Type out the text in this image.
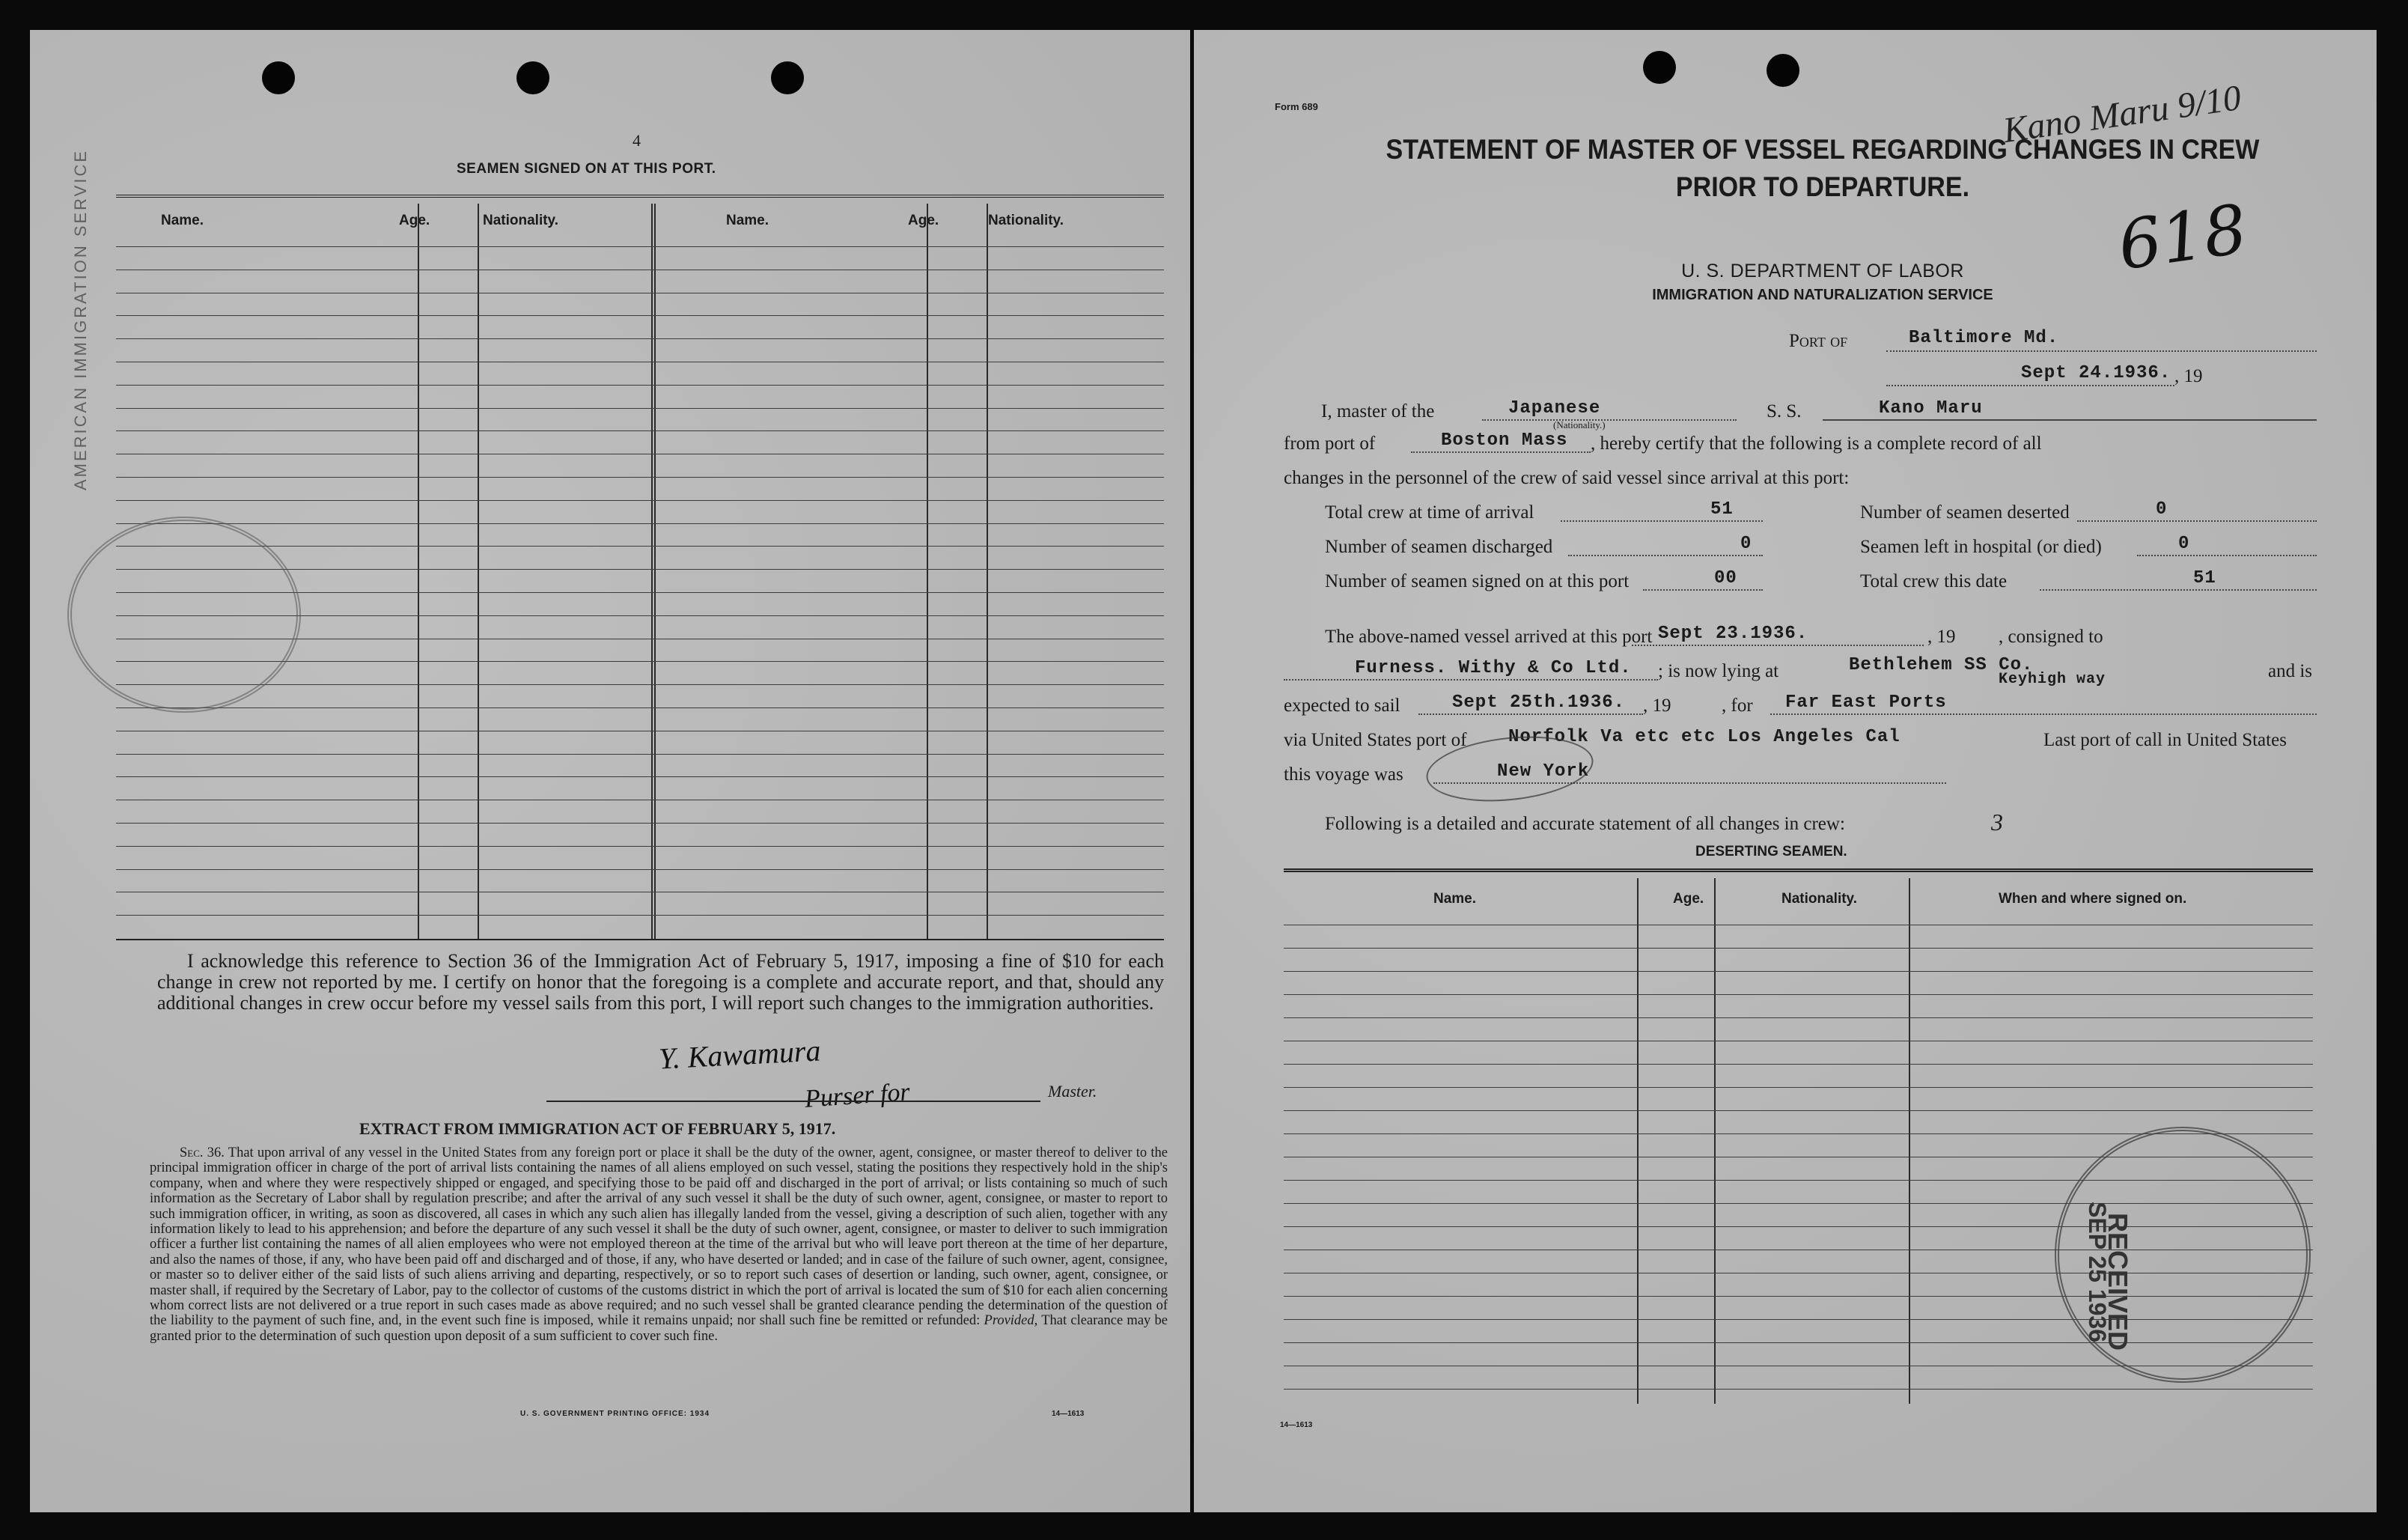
4
SEAMEN SIGNED ON AT THIS PORT.
Name.	Age.	Nationality.	Name.	Age.	Nationality.
AMERICAN IMMIGRATION SERVICE
I acknowledge this reference to Section 36 of the Immigration Act of February 5, 1917, imposing a fine of $10 for each change in crew not reported by me. I certify on honor that the foregoing is a complete and accurate report, and that, should any additional changes in crew occur before my vessel sails from this port, I will report such changes to the immigration authorities.
Y. Kawamura
Purser for	Master.
EXTRACT FROM IMMIGRATION ACT OF FEBRUARY 5, 1917.
Sec. 36. That upon arrival of any vessel in the United States from any foreign port or place it shall be the duty of the owner, agent, consignee, or master thereof to deliver to the principal immigration officer in charge of the port of arrival lists containing the names of all aliens employed on such vessel, stating the positions they respectively hold in the ship's company, when and where they were respectively shipped or engaged, and specifying those to be paid off and discharged in the port of arrival; or lists containing so much of such information as the Secretary of Labor shall by regulation prescribe; and after the arrival of any such vessel it shall be the duty of such owner, agent, consignee, or master to report to such immigration officer, in writing, as soon as discovered, all cases in which any such alien has illegally landed from the vessel, giving a description of such alien, together with any information likely to lead to his apprehension; and before the departure of any such vessel it shall be the duty of such owner, agent, consignee, or master to deliver to such immigration officer a further list containing the names of all alien employees who were not employed thereon at the time of the arrival but who will leave port thereon at the time of her departure, and also the names of those, if any, who have been paid off and discharged and of those, if any, who have deserted or landed; and in case of the failure of such owner, agent, consignee, or master so to deliver either of the said lists of such aliens arriving and departing, respectively, or so to report such cases of desertion or landing, such owner, agent, consignee, or master shall, if required by the Secretary of Labor, pay to the collector of customs of the customs district in which the port of arrival is located the sum of $10 for each alien concerning whom correct lists are not delivered or a true report in such cases made as above required; and no such vessel shall be granted clearance pending the determination of the question of the liability to the payment of such fine, and, in the event such fine is imposed, while it remains unpaid; nor shall such fine be remitted or refunded: Provided, That clearance may be granted prior to the determination of such question upon deposit of a sum sufficient to cover such fine.
U. S. GOVERNMENT PRINTING OFFICE: 1934	14—1613
Form 689	Kano Maru 9/10
STATEMENT OF MASTER OF VESSEL REGARDING CHANGES IN CREW
PRIOR TO DEPARTURE.
618
U. S. DEPARTMENT OF LABOR
IMMIGRATION AND NATURALIZATION SERVICE
Port of	Baltimore Md.
Sept 24.1936. , 19
I, master of the	Japanese
(Nationality.)
S. S.	Kano Maru
from port of	Boston Mass , hereby certify that the following is a complete record of all
changes in the personnel of the crew of said vessel since arrival at this port:
Total crew at time of arrival	51	Number of seamen deserted	0
Number of seamen discharged	0	Seamen left in hospital (or died)	0
Number of seamen signed on at this port	00	Total crew this date	51
The above-named vessel arrived at this port Sept 23.1936.	, 19 , consigned to
Furness. Withy & Co Ltd. ; is now lying at	Bethlehem SS Co.
Keyhigh way	and is
expected to sail	Sept 25th.1936. , 19	, for Far East Ports
via United States port of Norfolk Va etc etc Los Angeles Cal	Last port of call in United States
this voyage was	New York
Following is a detailed and accurate statement of all changes in crew:	3
DESERTING SEAMEN.
Name.	Age.	Nationality.	When and where signed on.
RECEIVED
SEP 25 1936
14—1613
